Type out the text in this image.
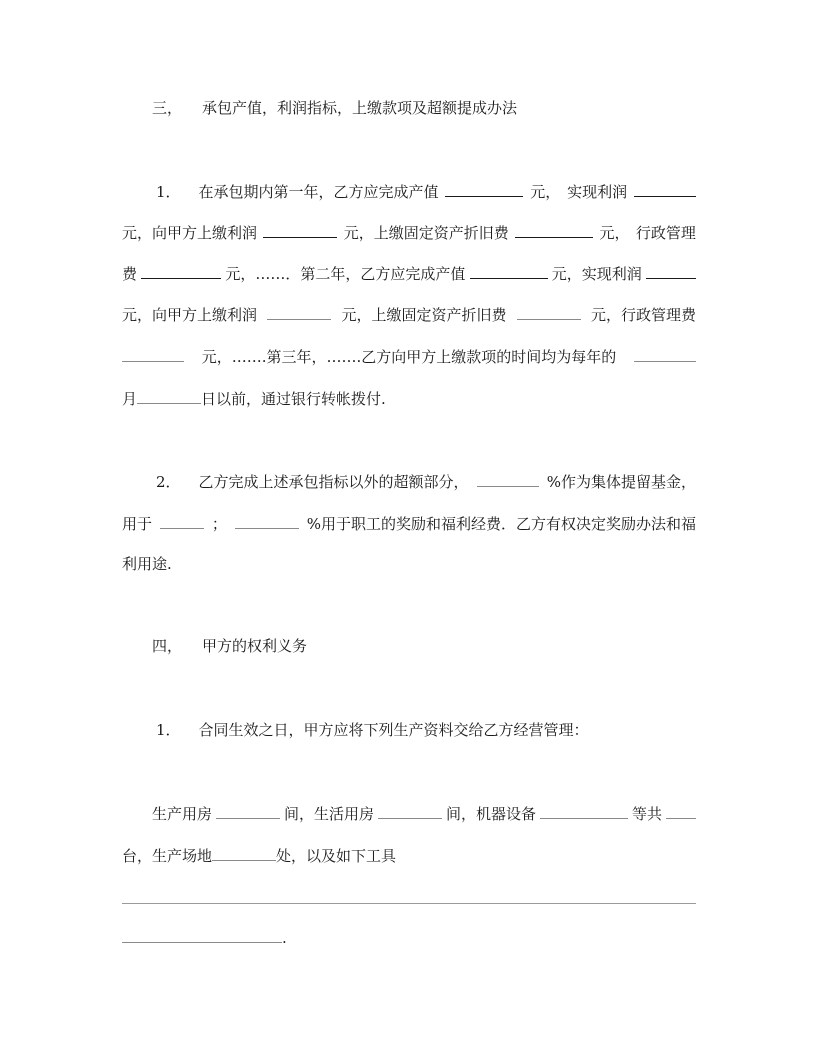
三， 承包产值，利润指标，上缴款项及超额提成办法
1． 在承包期内第一年，乙方应完成产值	元， 实现利润
元，向甲方上缴利润	元，上缴固定资产折旧费	元， 行政管理
费	元，……．第二年，乙方应完成产值	元，实现利润
元，向甲方上缴利润	元，上缴固定资产折旧费	元，行政管理费
元，…….第三年，…….乙方向甲方上缴款项的时间均为每年的
月	日以前，通过银行转帐拨付.
2． 乙方完成上述承包指标以外的超额部分，	%作为集体提留基金，
用于	；	%用于职工的奖励和福利经费．乙方有权决定奖励办法和福
利用途.
四， 甲方的权利义务
1． 合同生效之日，甲方应将下列生产资料交给乙方经营管理：
生产用房	间，生活用房	间，机器设备	等共
台，生产场地	处，以及如下工具
.
